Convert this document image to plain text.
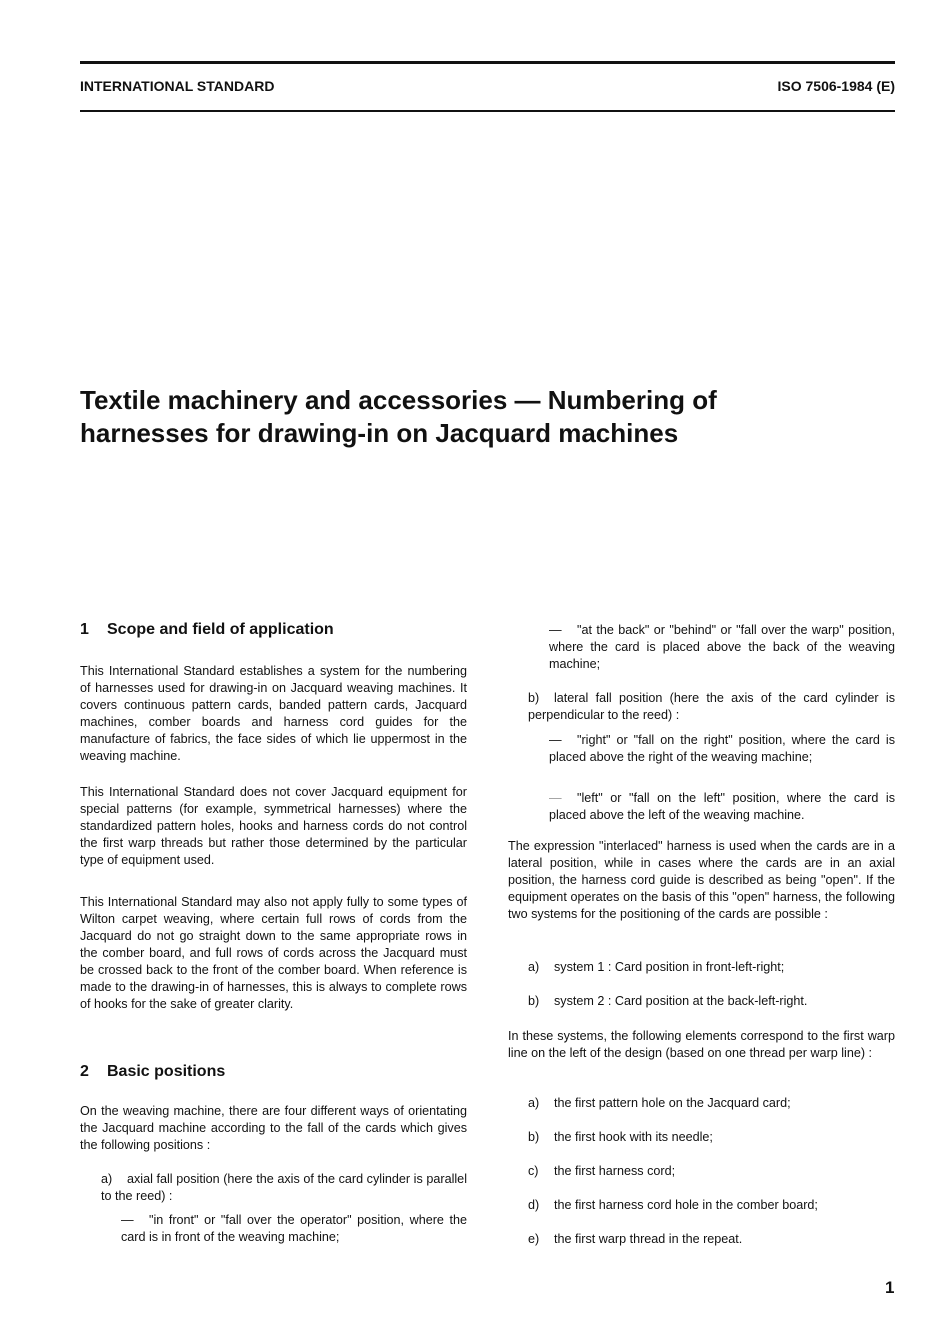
INTERNATIONAL STANDARD	ISO 7506-1984 (E)
Textile machinery and accessories — Numbering of
harnesses for drawing-in on Jacquard machines
1 Scope and field of application
This International Standard establishes a system for the numbering of harnesses used for drawing-in on Jacquard weaving machines. It covers continuous pattern cards, banded pattern cards, Jacquard machines, comber boards and harness cord guides for the manufacture of fabrics, the face sides of which lie uppermost in the weaving machine.
This International Standard does not cover Jacquard equipment for special patterns (for example, symmetrical harnesses) where the standardized pattern holes, hooks and harness cords do not control the first warp threads but rather those determined by the particular type of equipment used.
This International Standard may also not apply fully to some types of Wilton carpet weaving, where certain full rows of cords from the Jacquard do not go straight down to the same appropriate rows in the comber board, and full rows of cords across the Jacquard must be crossed back to the front of the comber board. When reference is made to the drawing-in of harnesses, this is always to complete rows of hooks for the sake of greater clarity.
2 Basic positions
On the weaving machine, there are four different ways of orientating the Jacquard machine according to the fall of the cards which gives the following positions :
a) axial fall position (here the axis of the card cylinder is parallel to the reed) :
— "in front" or "fall over the operator" position, where the card is in front of the weaving machine;
— "at the back" or "behind" or "fall over the warp" position, where the card is placed above the back of the weaving machine;
b) lateral fall position (here the axis of the card cylinder is perpendicular to the reed) :
— "right" or "fall on the right" position, where the card is placed above the right of the weaving machine;
— "left" or "fall on the left" position, where the card is placed above the left of the weaving machine.
The expression "interlaced" harness is used when the cards are in a lateral position, while in cases where the cards are in an axial position, the harness cord guide is described as being "open". If the equipment operates on the basis of this "open" harness, the following two systems for the positioning of the cards are possible :
a) system 1 : Card position in front-left-right;
b) system 2 : Card position at the back-left-right.
In these systems, the following elements correspond to the first warp line on the left of the design (based on one thread per warp line) :
a) the first pattern hole on the Jacquard card;
b) the first hook with its needle;
c) the first harness cord;
d) the first harness cord hole in the comber board;
e) the first warp thread in the repeat.
1
